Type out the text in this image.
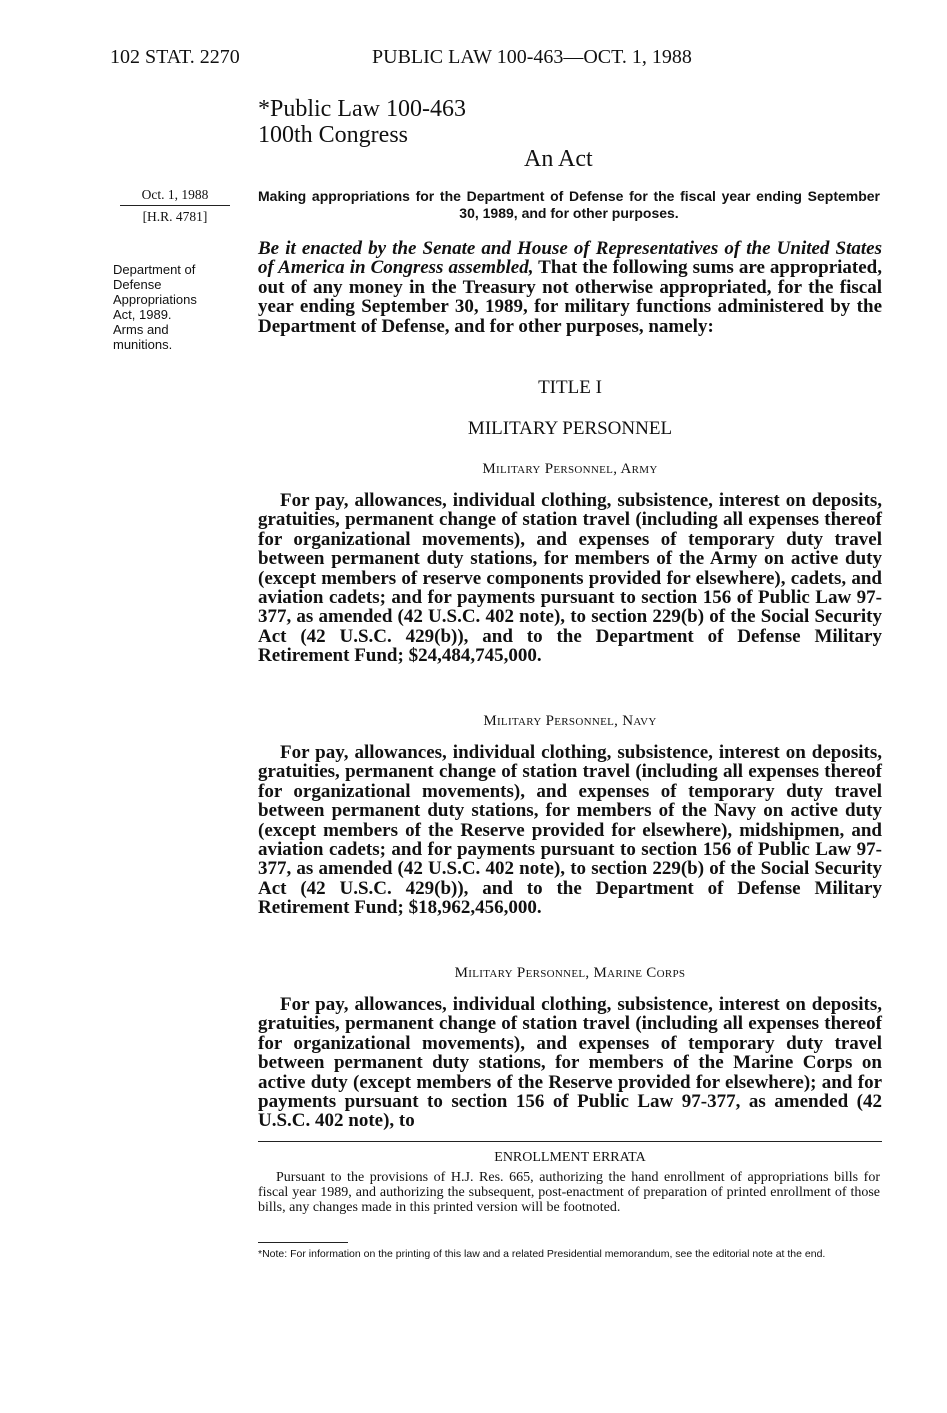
102 STAT. 2270	PUBLIC LAW 100-463—OCT. 1, 1988
*Public Law 100-463
100th Congress
An Act
Oct. 1, 1988
[H.R. 4781]
Department of
Defense
Appropriations
Act, 1989.
Arms and
munitions.
Making appropriations for the Department of Defense for the fiscal year ending September 30, 1989, and for other purposes.
Be it enacted by the Senate and House of Representatives of the United States of America in Congress assembled, That the following sums are appropriated, out of any money in the Treasury not otherwise appropriated, for the fiscal year ending September 30, 1989, for military functions administered by the Department of Defense, and for other purposes, namely:
TITLE I
MILITARY PERSONNEL
Military Personnel, Army
For pay, allowances, individual clothing, subsistence, interest on deposits, gratuities, permanent change of station travel (including all expenses thereof for organizational movements), and expenses of temporary duty travel between permanent duty stations, for members of the Army on active duty (except members of reserve components provided for elsewhere), cadets, and aviation cadets; and for payments pursuant to section 156 of Public Law 97-377, as amended (42 U.S.C. 402 note), to section 229(b) of the Social Security Act (42 U.S.C. 429(b)), and to the Department of Defense Military Retirement Fund; $24,484,745,000.
Military Personnel, Navy
For pay, allowances, individual clothing, subsistence, interest on deposits, gratuities, permanent change of station travel (including all expenses thereof for organizational movements), and expenses of temporary duty travel between permanent duty stations, for members of the Navy on active duty (except members of the Reserve provided for elsewhere), midshipmen, and aviation cadets; and for payments pursuant to section 156 of Public Law 97-377, as amended (42 U.S.C. 402 note), to section 229(b) of the Social Security Act (42 U.S.C. 429(b)), and to the Department of Defense Military Retirement Fund; $18,962,456,000.
Military Personnel, Marine Corps
For pay, allowances, individual clothing, subsistence, interest on deposits, gratuities, permanent change of station travel (including all expenses thereof for organizational movements), and expenses of temporary duty travel between permanent duty stations, for members of the Marine Corps on active duty (except members of the Reserve provided for elsewhere); and for payments pursuant to section 156 of Public Law 97-377, as amended (42 U.S.C. 402 note), to
ENROLLMENT ERRATA
Pursuant to the provisions of H.J. Res. 665, authorizing the hand enrollment of appropriations bills for fiscal year 1989, and authorizing the subsequent, post-enactment of preparation of printed enrollment of those bills, any changes made in this printed version will be footnoted.
*Note: For information on the printing of this law and a related Presidential memorandum, see the editorial note at the end.
